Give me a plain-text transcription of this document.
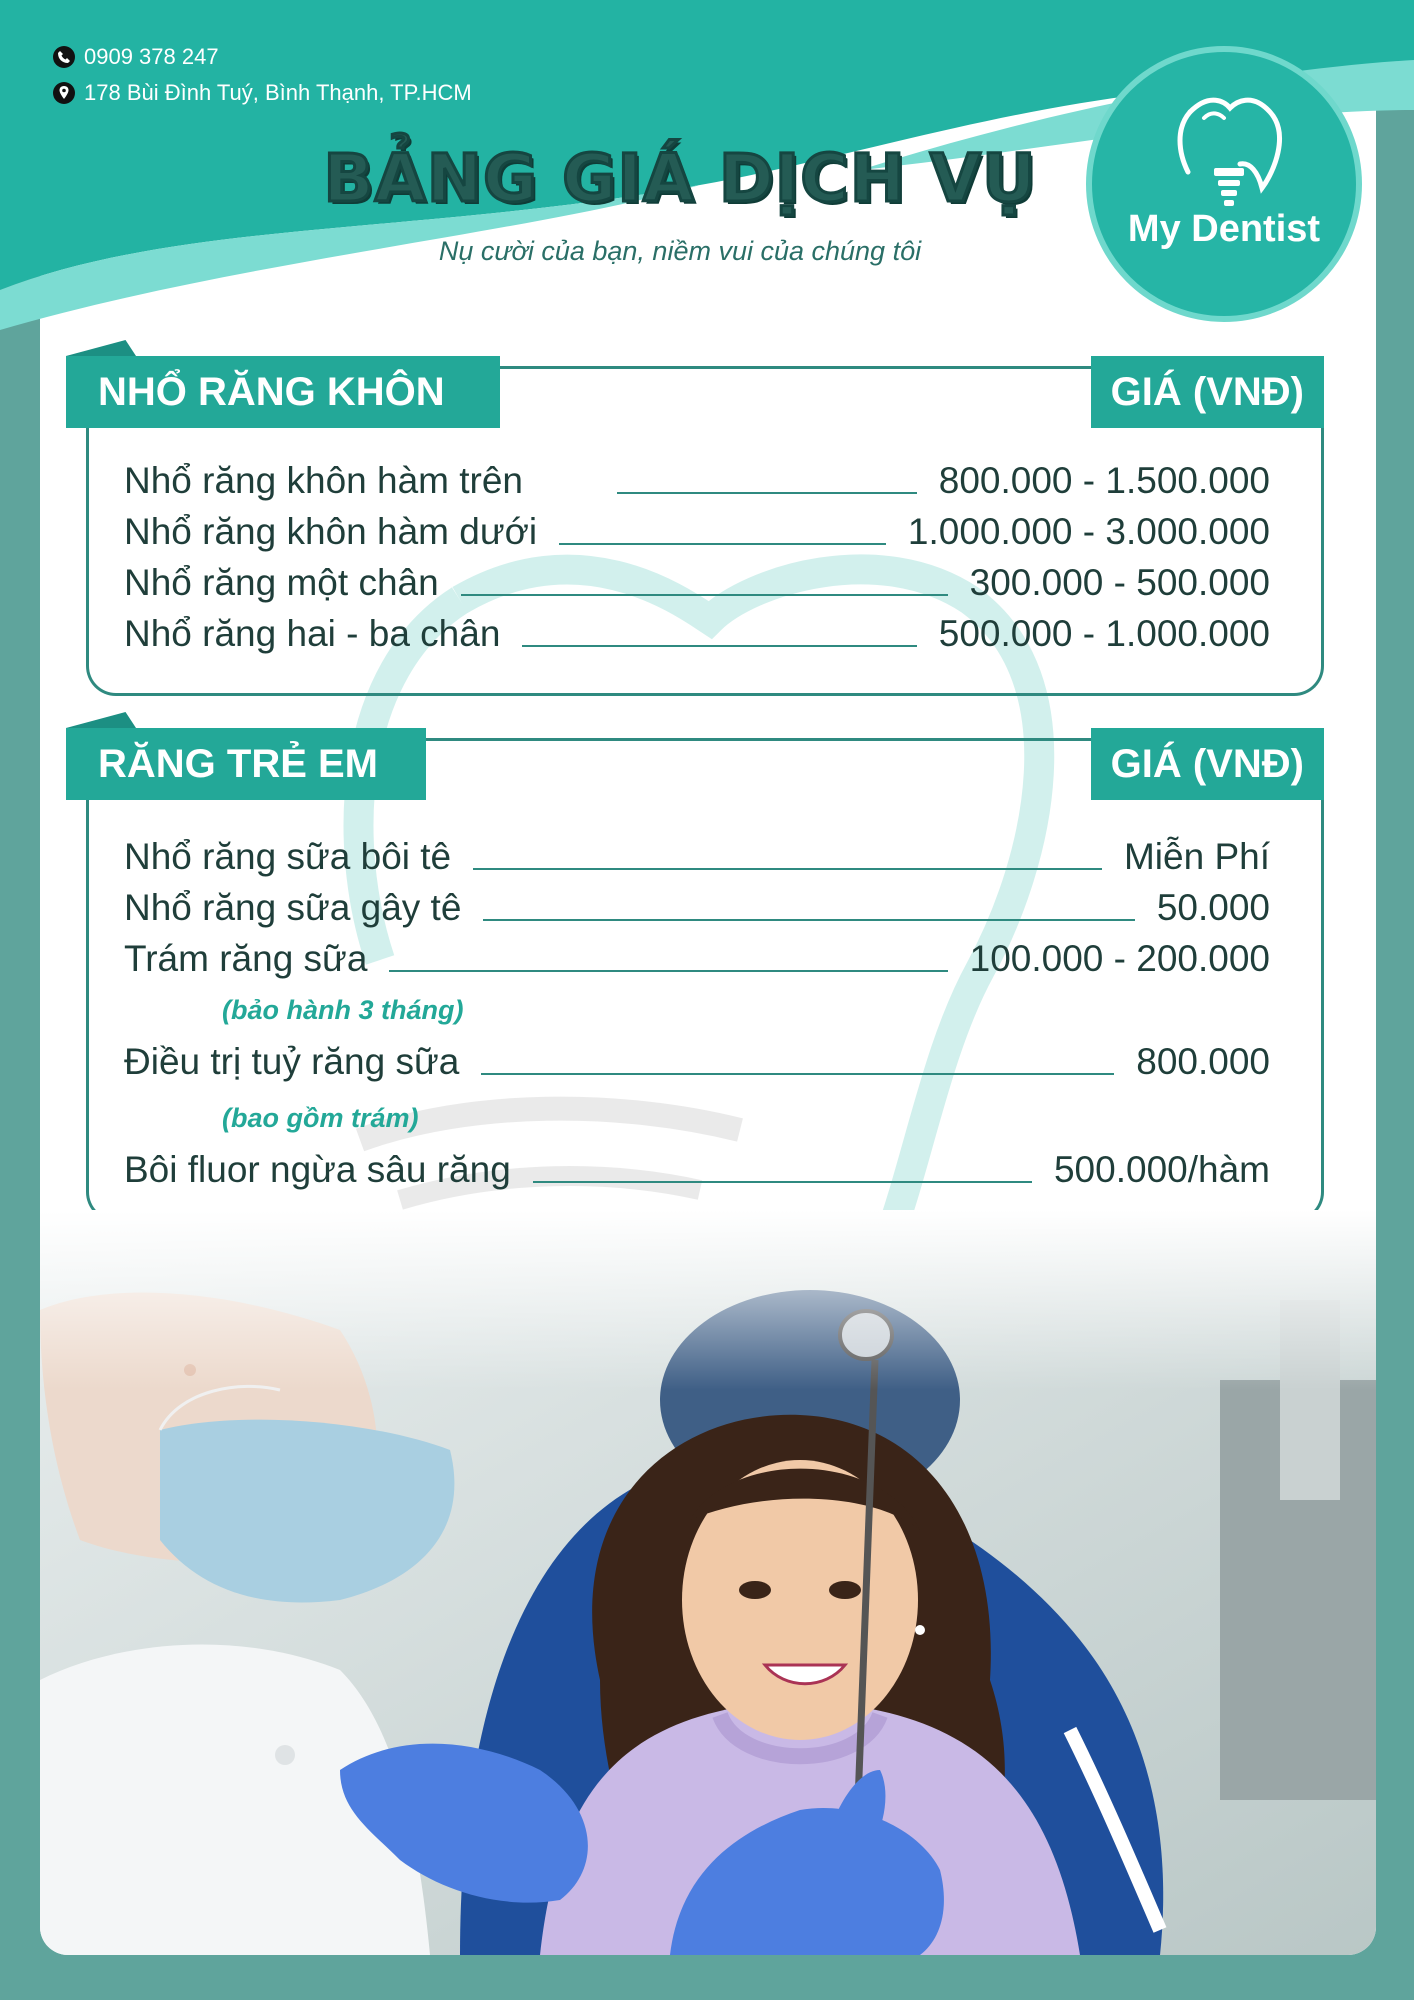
0909 378 247
178 Bùi Đình Tuý, Bình Thạnh, TP.HCM
BẢNG GIÁ DỊCH VỤ
Nụ cười của bạn, niềm vui của chúng tôi
My Dentist
NHỔ RĂNG KHÔN	GIÁ (VNĐ)
Nhổ răng khôn hàm trên	800.000 - 1.500.000
Nhổ răng khôn hàm dưới	1.000.000 - 3.000.000
Nhổ răng một chân	300.000 - 500.000
Nhổ răng hai - ba chân	500.000 - 1.000.000
RĂNG TRẺ EM	GIÁ (VNĐ)
Nhổ răng sữa bôi tê	Miễn Phí
Nhổ răng sữa gây tê	50.000
Trám răng sữa	100.000 - 200.000
(bảo hành 3 tháng)
Điều trị tuỷ răng sữa	800.000
(bao gồm trám)
Bôi fluor ngừa sâu răng	500.000/hàm
